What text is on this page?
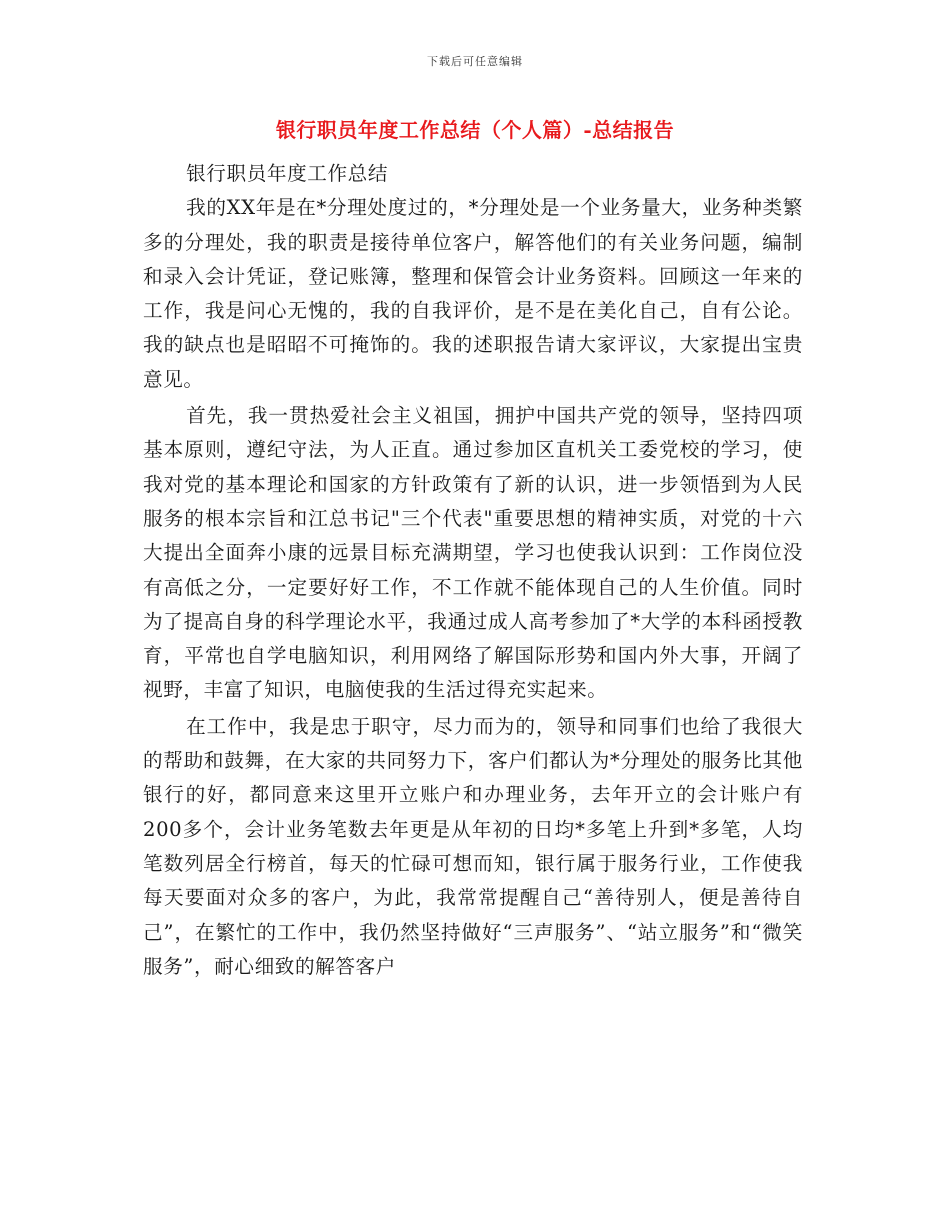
下载后可任意编辑
银行职员年度工作总结（个人篇）-总结报告

银行职员年度工作总结

我的XX年是在*分理处度过的，*分理处是一个业务量大，业务种类繁多的分理处，我的职责是接待单位客户，解答他们的有关业务问题，编制和录入会计凭证，登记账簿，整理和保管会计业务资料。回顾这一年来的工作，我是问心无愧的，我的自我评价，是不是在美化自己，自有公论。我的缺点也是昭昭不可掩饰的。我的述职报告请大家评议，大家提出宝贵意见。

首先，我一贯热爱社会主义祖国，拥护中国共产党的领导，坚持四项基本原则，遵纪守法，为人正直。通过参加区直机关工委党校的学习，使我对党的基本理论和国家的方针政策有了新的认识，进一步领悟到为人民服务的根本宗旨和江总书记"三个代表"重要思想的精神实质，对党的十六大提出全面奔小康的远景目标充满期望，学习也使我认识到：工作岗位没有高低之分，一定要好好工作，不工作就不能体现自己的人生价值。同时为了提高自身的科学理论水平，我通过成人高考参加了*大学的本科函授教育，平常也自学电脑知识，利用网络了解国际形势和国内外大事，开阔了视野，丰富了知识，电脑使我的生活过得充实起来。

在工作中，我是忠于职守，尽力而为的，领导和同事们也给了我很大的帮助和鼓舞，在大家的共同努力下，客户们都认为*分理处的服务比其他银行的好，都同意来这里开立账户和办理业务，去年开立的会计账户有200多个，会计业务笔数去年更是从年初的日均*多笔上升到*多笔，人均笔数列居全行榜首，每天的忙碌可想而知，银行属于服务行业，工作使我每天要面对众多的客户，为此，我常常提醒自己“善待别人，便是善待自己”，在繁忙的工作中，我仍然坚持做好“三声服务”、“站立服务”和“微笑服务”，耐心细致的解答客户
